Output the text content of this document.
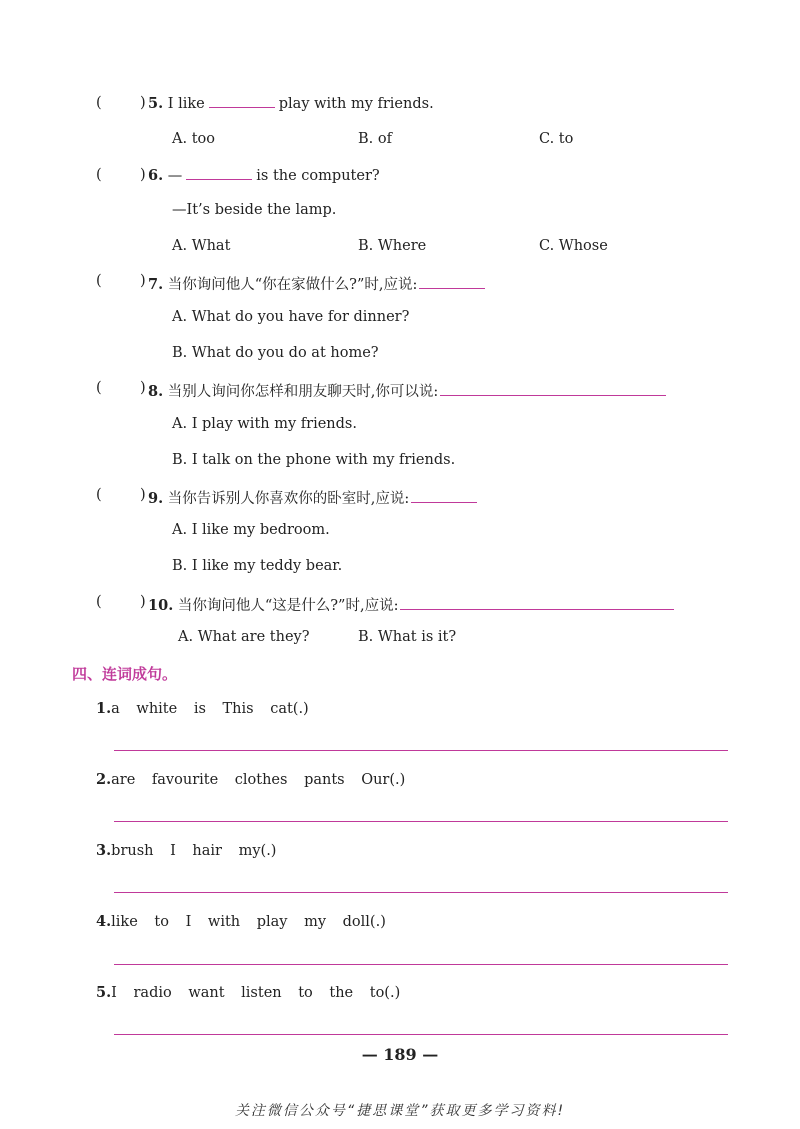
(	) 5. I like	play with my friends.
A. too	B. of	C. to
(	) 6. —	is the computer?
—It’s beside the lamp.
A. What	B. Where	C. Whose
(	) 7. 当你询问他人“你在家做什么?”时,应说:
A. What do you have for dinner?
B. What do you do at home?
(	) 8. 当别人询问你怎样和朋友聊天时,你可以说:
A. I play with my friends.
B. I talk on the phone with my friends.
(	) 9. 当你告诉别人你喜欢你的卧室时,应说:
A. I like my bedroom.
B. I like my teddy bear.
(	) 10. 当你询问他人“这是什么?”时,应说:
A. What are they?	B. What is it?
四、连词成句。
1.a white is This cat(.)
2.are favourite clothes pants Our(.)
3.brush I hair my(.)
4.like to I with play my doll(.)
5.I radio want listen to the to(.)
— 189 —
关注微信公众号“捷思课堂”获取更多学习资料!
